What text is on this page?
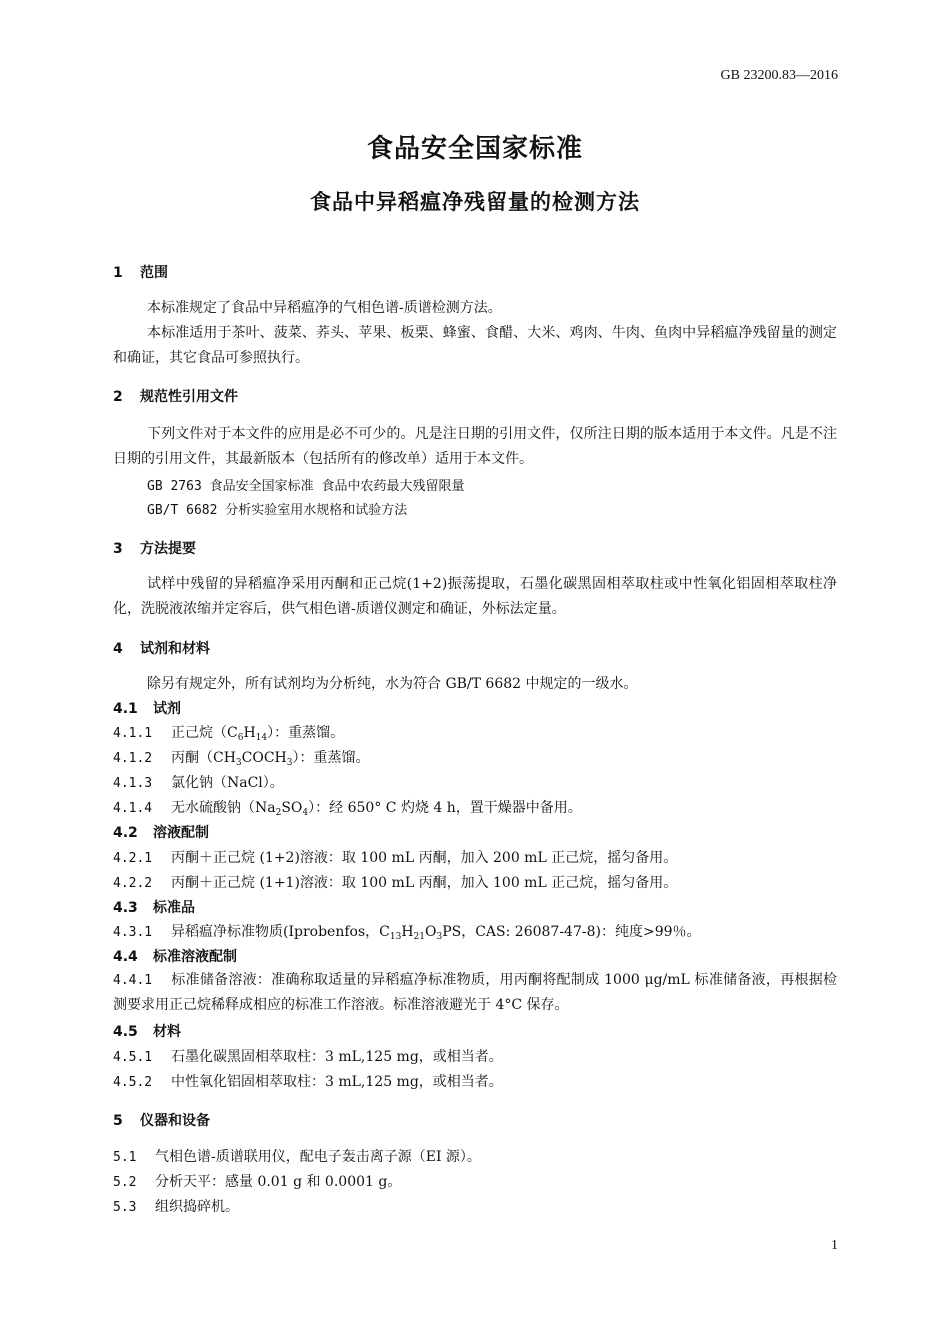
GB 23200.83—2016
食品安全国家标准
食品中异稻瘟净残留量的检测方法
1 范围
本标准规定了食品中异稻瘟净的气相色谱-质谱检测方法。
本标准适用于茶叶、菠菜、荞头、苹果、板栗、蜂蜜、食醋、大米、鸡肉、牛肉、鱼肉中异稻瘟净残留量的测定和确证，其它食品可参照执行。
2 规范性引用文件
下列文件对于本文件的应用是必不可少的。凡是注日期的引用文件，仅所注日期的版本适用于本文件。凡是不注日期的引用文件，其最新版本（包括所有的修改单）适用于本文件。
GB 2763 食品安全国家标准 食品中农药最大残留限量
GB/T 6682 分析实验室用水规格和试验方法
3 方法提要
试样中残留的异稻瘟净采用丙酮和正己烷(1+2)振荡提取，石墨化碳黑固相萃取柱或中性氧化铝固相萃取柱净化，洗脱液浓缩并定容后，供气相色谱-质谱仪测定和确证，外标法定量。
4 试剂和材料
除另有规定外，所有试剂均为分析纯，水为符合 GB/T 6682 中规定的一级水。
4.1 试剂
4.1.1 正己烷$(C_6H_{14})$：重蒸馏。
4.1.2 丙酮$(CH_3COCH_3)$：重蒸馏。
4.1.3 氯化钠（NaCl）。
4.1.4 无水硫酸钠$(Na_2SO_4)$：经 650° C 灼烧 4 h，置干燥器中备用。
4.2 溶液配制
4.2.1 丙酮＋正己烷 (1+2)溶液：取 100 mL 丙酮，加入 200 mL 正己烷，摇匀备用。
4.2.2 丙酮＋正己烷 (1+1)溶液：取 100 mL 丙酮，加入 100 mL 正己烷，摇匀备用。
4.3 标准品
4.3.1 异稻瘟净标准物质(Iprobenfos，$C_{13}H_{21}O_3PS$，CAS: 26087-47-8)：纯度>99％。
4.4 标准溶液配制
4.4.1 标准储备溶液：准确称取适量的异稻瘟净标准物质，用丙酮将配制成 1000 μg/mL 标准储备液，再根据检测要求用正己烷稀释成相应的标准工作溶液。标准溶液避光于 4°C 保存。
4.5 材料
4.5.1 石墨化碳黑固相萃取柱：3 mL,125 mg，或相当者。
4.5.2 中性氧化铝固相萃取柱：3 mL,125 mg，或相当者。
5 仪器和设备
5.1 气相色谱-质谱联用仪，配电子轰击离子源（EI 源）。
5.2 分析天平：感量 0.01 g 和 0.0001 g。
5.3 组织捣碎机。
1
